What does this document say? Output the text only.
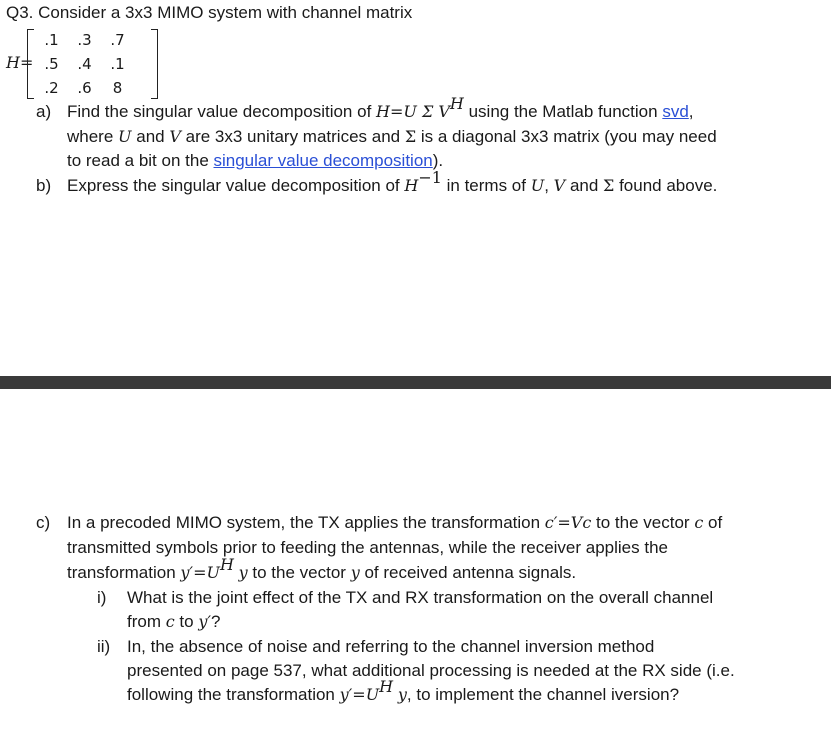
Q3. Consider a 3x3 MIMO system with channel matrix
H=
.1	.3	.7
.5	.4	.1
.2	.6	8
a) Find the singular value decomposition of H=U Σ $V^H$ using the Matlab function svd,
where U and V are 3x3 unitary matrices and Σ is a diagonal 3x3 matrix (you may need
to read a bit on the singular value decomposition).
b) Express the singular value decomposition of $H^{-1}$ in terms of U, V and Σ found above.
c) In a precoded MIMO system, the TX applies the transformation c′=Vc to the vector c of
transmitted symbols prior to feeding the antennas, while the receiver applies the
transformation $y'=U^H$ y to the vector y of received antenna signals.
i) What is the joint effect of the TX and RX transformation on the overall channel
from c to y′?
ii) In, the absence of noise and referring to the channel inversion method
presented on page 537, what additional processing is needed at the RX side (i.e.
following the transformation $y'=U^H$ y, to implement the channel iversion?
